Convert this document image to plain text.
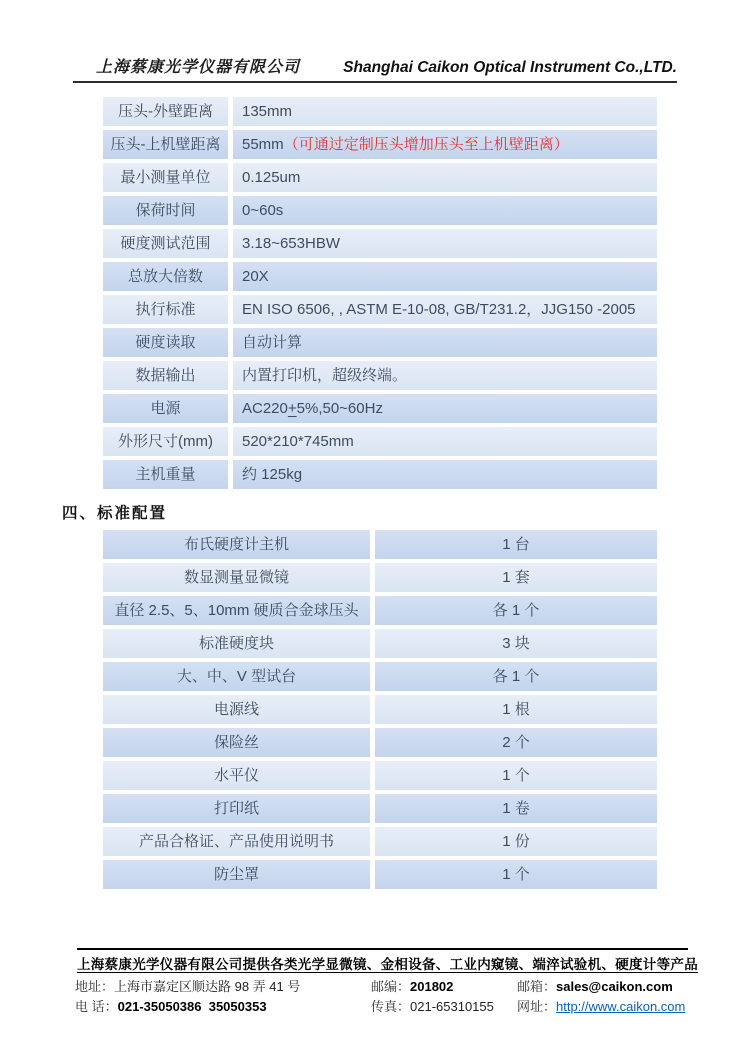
上海蔡康光学仪器有限公司	Shanghai Caikon Optical Instrument Co.,LTD.
压头-外壁距离	135mm
压头-上机壁距离	55mm（可通过定制压头增加压头至上机壁距离）
最小测量单位	0.125um
保荷时间	0~60s
硬度测试范围	3.18~653HBW
总放大倍数	20X
执行标准	EN ISO 6506, , ASTM E-10-08, GB/T231.2，JJG150 -2005
硬度读取	自动计算
数据输出	内置打印机，超级终端。
电源	AC220+5%,50~60Hz
外形尺寸(mm)	520*210*745mm
主机重量	约 125kg
四、标准配置
布氏硬度计主机	1 台
数显测量显微镜	1 套
直径 2.5、5、10mm 硬质合金球压头	各 1 个
标准硬度块	3 块
大、中、V 型试台	各 1 个
电源线	1 根
保险丝	2 个
水平仪	1 个
打印纸	1 卷
产品合格证、产品使用说明书	1 份
防尘罩	1 个
上海蔡康光学仪器有限公司提供各类光学显微镜、金相设备、工业内窥镜、端淬试验机、硬度计等产品
地址：上海市嘉定区顺达路 98 弄 41 号	邮编：201802	邮箱：sales@caikon.com
电 话：021-35050386  35050353	传真：021-65310155	网址：http://www.caikon.com
